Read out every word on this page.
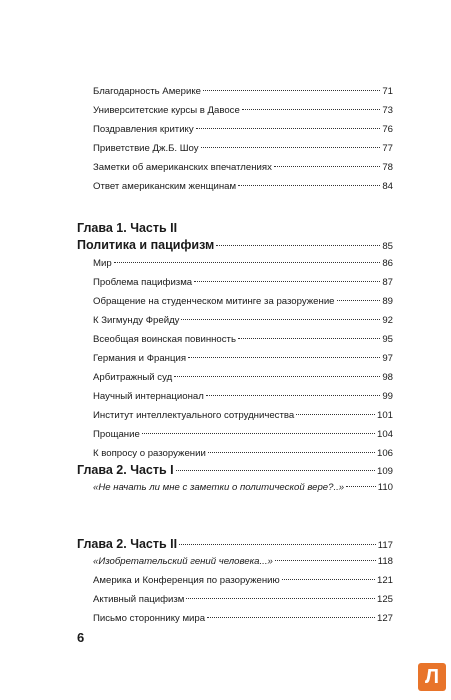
Благодарность Америке	71
Университетские курсы в Давосе	73
Поздравления критику	76
Приветствие Дж.Б. Шоу	77
Заметки об американских впечатлениях	78
Ответ американским женщинам	84
Глава 1. Часть II
Политика и пацифизм	85
Мир	86
Проблема пацифизма	87
Обращение на студенческом митинге за разоружение	89
К Зигмунду Фрейду	92
Всеобщая воинская повинность	95
Германия и Франция	97
Арбитражный суд	98
Научный интернационал	99
Институт интеллектуального сотрудничества	101
Прощание	104
К вопросу о разоружении	106
Глава 2. Часть I	109
«Не начать ли мне с заметки о политической вере?..»	110
Глава 2. Часть II	117
«Изобретательский гений человека...»	118
Америка и Конференция по разоружению	121
Активный пацифизм	125
Письмо стороннику мира	127
6
Л
